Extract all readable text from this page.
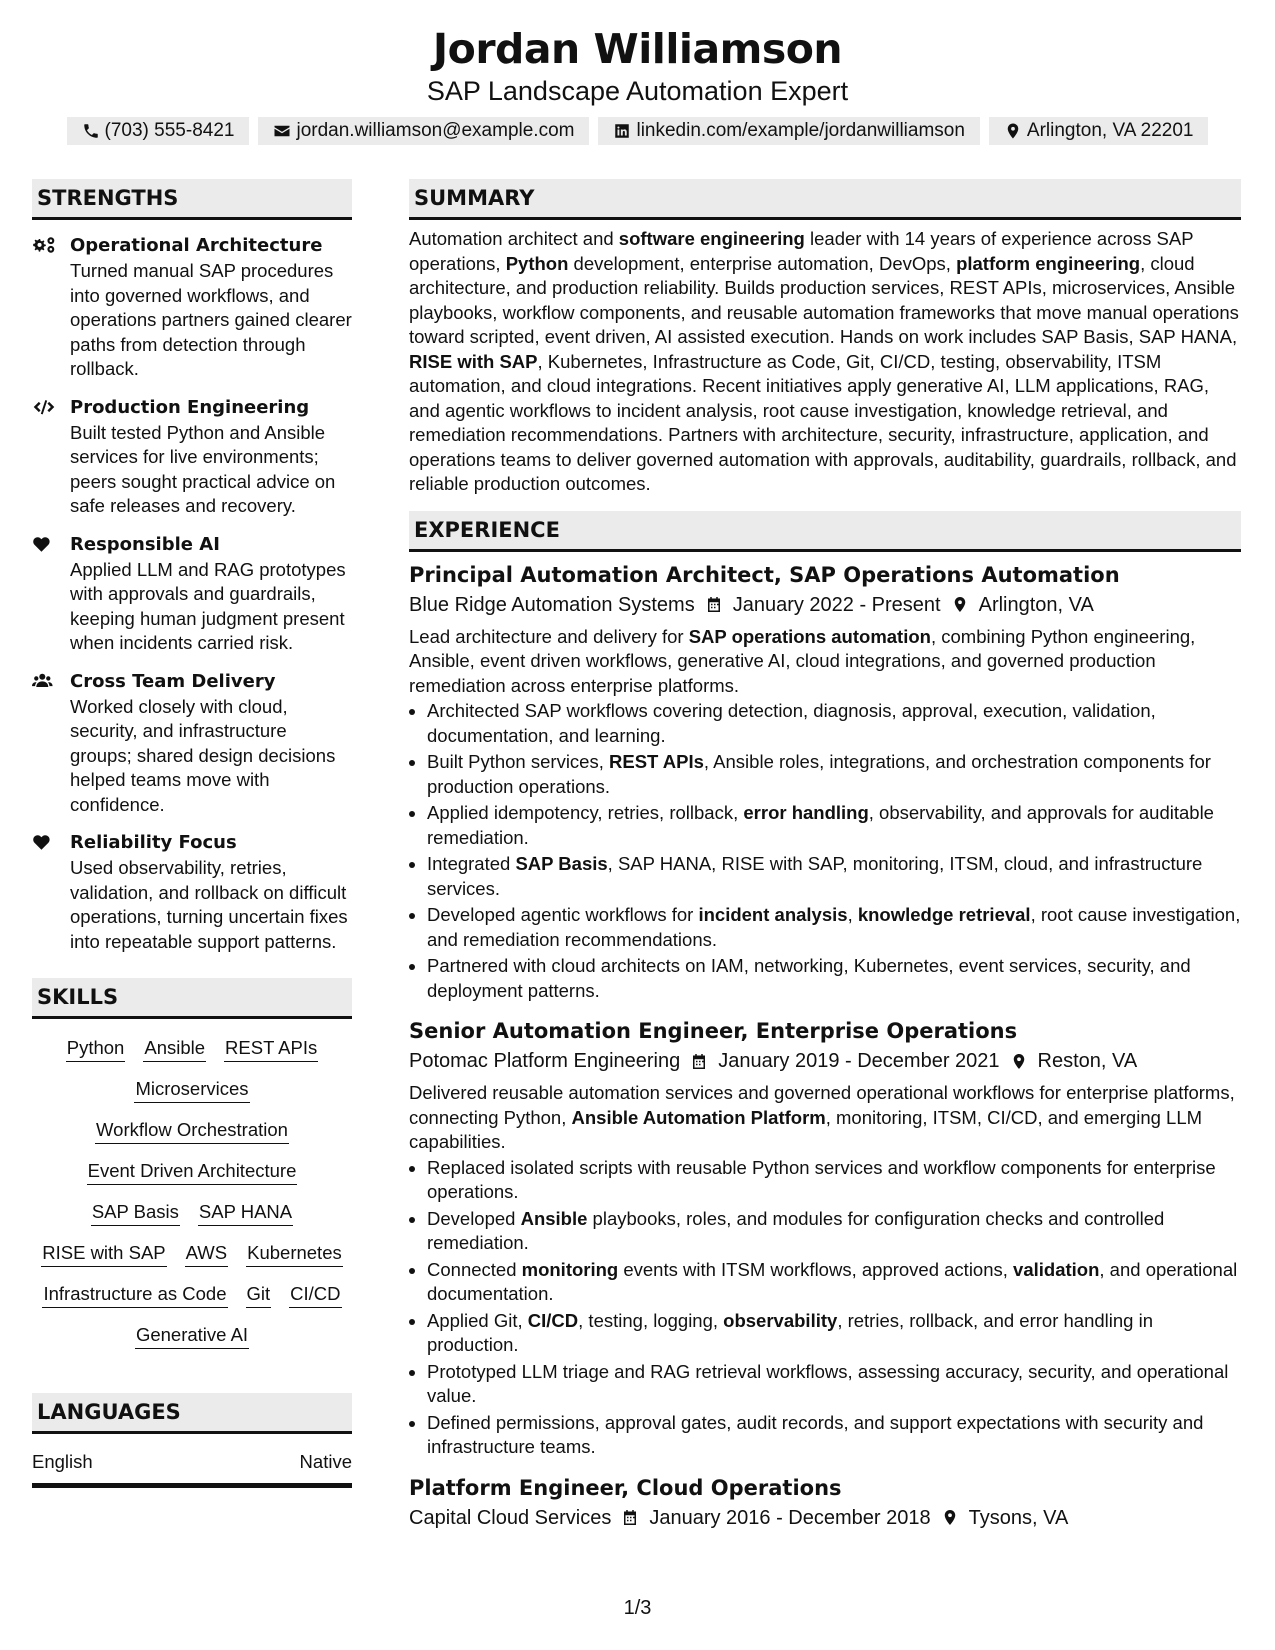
Jordan Williamson
SAP Landscape Automation Expert
(703) 555-8421	jordan.williamson@example.com	linkedin.com/example/jordanwilliamson	Arlington, VA 22201
STRENGTHS
Operational Architecture
Turned manual SAP procedures into governed workflows, and operations partners gained clearer paths from detection through rollback.
Production Engineering
Built tested Python and Ansible services for live environments; peers sought practical advice on safe releases and recovery.
Responsible AI
Applied LLM and RAG prototypes with approvals and guardrails, keeping human judgment present when incidents carried risk.
Cross Team Delivery
Worked closely with cloud, security, and infrastructure groups; shared design decisions helped teams move with confidence.
Reliability Focus
Used observability, retries, validation, and rollback on difficult operations, turning uncertain fixes into repeatable support patterns.
SKILLS
Python Ansible REST APIs
Microservices
Workflow Orchestration
Event Driven Architecture
SAP Basis SAP HANA
RISE with SAP AWS Kubernetes
Infrastructure as Code Git CI/CD
Generative AI
LANGUAGES
English	Native
SUMMARY
Automation architect and software engineering leader with 14 years of experience across SAP operations, Python development, enterprise automation, DevOps, platform engineering, cloud architecture, and production reliability. Builds production services, REST APIs, microservices, Ansible playbooks, workflow components, and reusable automation frameworks that move manual operations toward scripted, event driven, AI assisted execution. Hands on work includes SAP Basis, SAP HANA, RISE with SAP, Kubernetes, Infrastructure as Code, Git, CI/CD, testing, observability, ITSM automation, and cloud integrations. Recent initiatives apply generative AI, LLM applications, RAG, and agentic workflows to incident analysis, root cause investigation, knowledge retrieval, and remediation recommendations. Partners with architecture, security, infrastructure, application, and operations teams to deliver governed automation with approvals, auditability, guardrails, rollback, and reliable production outcomes.
EXPERIENCE
Principal Automation Architect, SAP Operations Automation
Blue Ridge Automation Systems January 2022 - Present Arlington, VA
Lead architecture and delivery for SAP operations automation, combining Python engineering, Ansible, event driven workflows, generative AI, cloud integrations, and governed production remediation across enterprise platforms.
• Architected SAP workflows covering detection, diagnosis, approval, execution, validation, documentation, and learning.
• Built Python services, REST APIs, Ansible roles, integrations, and orchestration components for production operations.
• Applied idempotency, retries, rollback, error handling, observability, and approvals for auditable remediation.
• Integrated SAP Basis, SAP HANA, RISE with SAP, monitoring, ITSM, cloud, and infrastructure services.
• Developed agentic workflows for incident analysis, knowledge retrieval, root cause investigation, and remediation recommendations.
• Partnered with cloud architects on IAM, networking, Kubernetes, event services, security, and deployment patterns.
Senior Automation Engineer, Enterprise Operations
Potomac Platform Engineering January 2019 - December 2021 Reston, VA
Delivered reusable automation services and governed operational workflows for enterprise platforms, connecting Python, Ansible Automation Platform, monitoring, ITSM, CI/CD, and emerging LLM capabilities.
• Replaced isolated scripts with reusable Python services and workflow components for enterprise operations.
• Developed Ansible playbooks, roles, and modules for configuration checks and controlled remediation.
• Connected monitoring events with ITSM workflows, approved actions, validation, and operational documentation.
• Applied Git, CI/CD, testing, logging, observability, retries, rollback, and error handling in production.
• Prototyped LLM triage and RAG retrieval workflows, assessing accuracy, security, and operational value.
• Defined permissions, approval gates, audit records, and support expectations with security and infrastructure teams.
Platform Engineer, Cloud Operations
Capital Cloud Services January 2016 - December 2018 Tysons, VA
1/3
